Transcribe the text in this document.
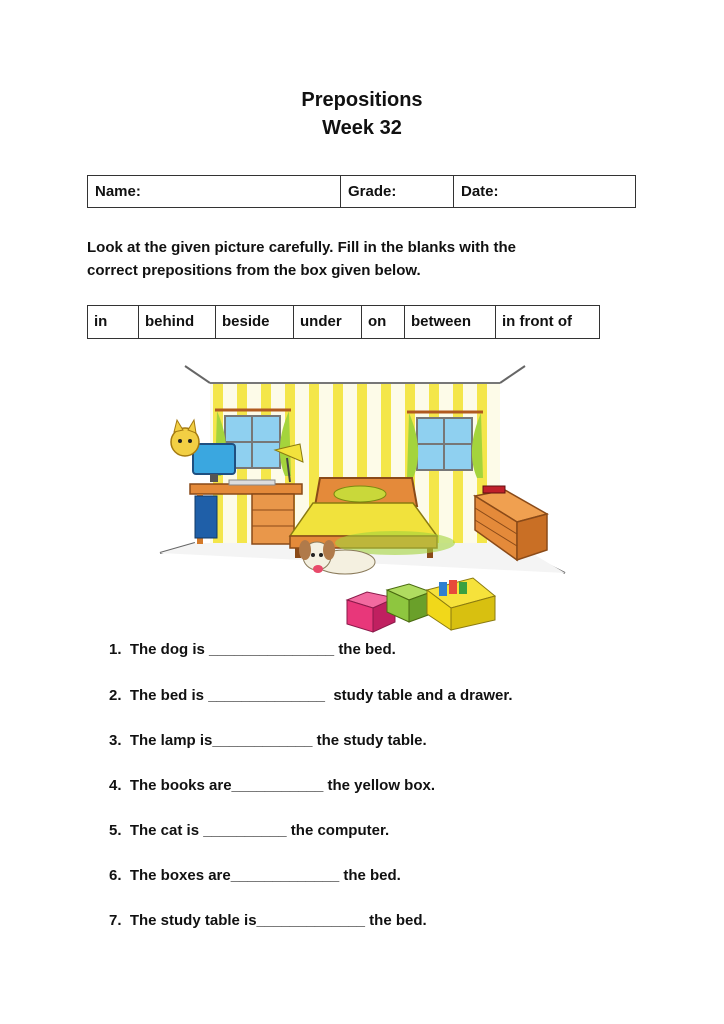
Prepositions
Week 32
Name:	Grade:	Date:
Look at the given picture carefully. Fill in the blanks with the
correct prepositions from the box given below.
in	behind	beside	under	on	between	in front of
1.  The dog is _______________ the bed.
2.  The bed is ______________  study table and a drawer.
3.  The lamp is____________ the study table.
4.  The books are___________ the yellow box.
5.  The cat is __________ the computer.
6.  The boxes are_____________ the bed.
7.  The study table is_____________ the bed.
